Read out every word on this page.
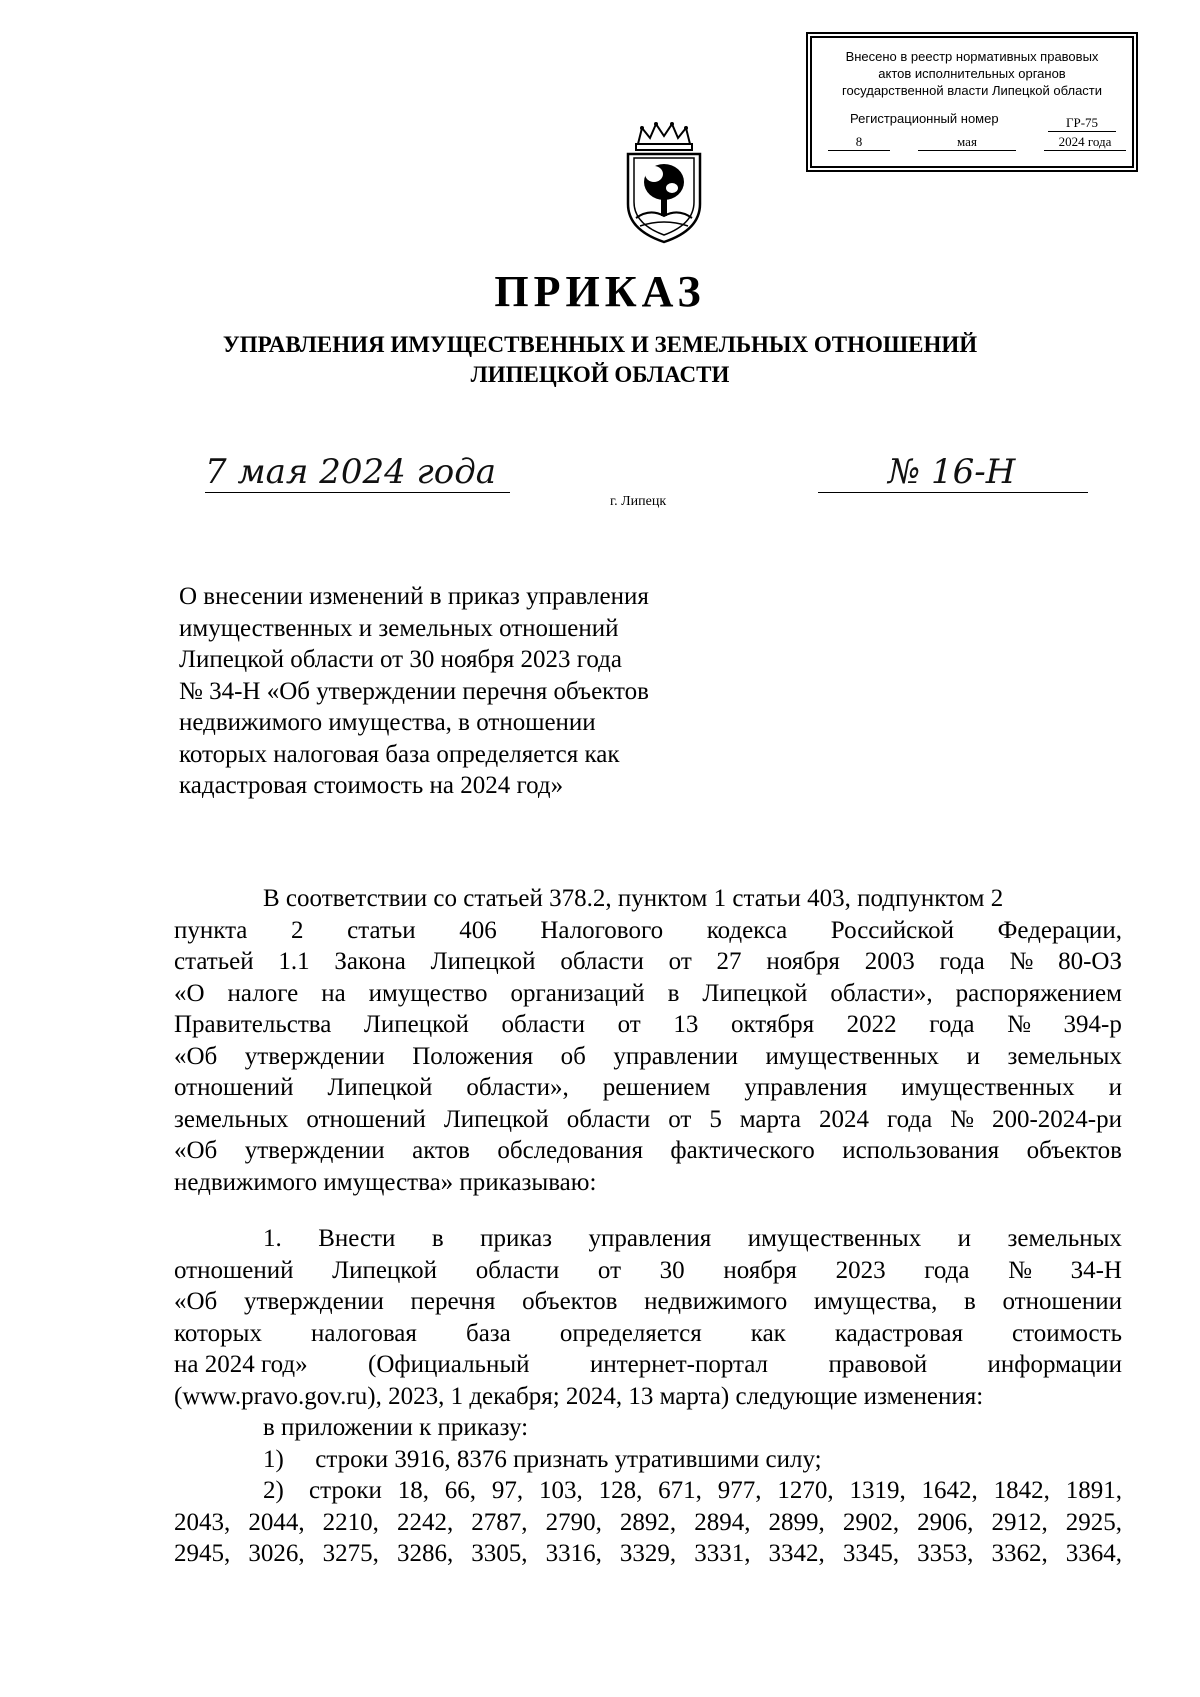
Внесено в реестр нормативных правовых
актов исполнительных органов
государственной власти Липецкой области
Регистрационный номер	ГР-75
8	мая	2024 года
ПРИКАЗ
УПРАВЛЕНИЯ ИМУЩЕСТВЕННЫХ И ЗЕМЕЛЬНЫХ ОТНОШЕНИЙ
ЛИПЕЦКОЙ ОБЛАСТИ
7 мая 2024 года	№ 16-Н
г. Липецк
О внесении изменений в приказ управления
имущественных и земельных отношений
Липецкой области от 30 ноября 2023 года
№ 34-Н «Об утверждении перечня объектов
недвижимого имущества, в отношении
которых налоговая база определяется как
кадастровая стоимость на 2024 год»
В соответствии со статьей 378.2, пунктом 1 статьи 403, подпунктом 2
пункта 2 статьи 406 Налогового кодекса Российской Федерации,
статьей 1.1 Закона Липецкой области от 27 ноября 2003 года № 80-ОЗ
«О налоге на имущество организаций в Липецкой области», распоряжением
Правительства Липецкой области от 13 октября 2022 года № 394-р
«Об утверждении Положения об управлении имущественных и земельных
отношений Липецкой области», решением управления имущественных и
земельных отношений Липецкой области от 5 марта 2024 года № 200-2024-ри
«Об утверждении актов обследования фактического использования объектов
недвижимого имущества» приказываю:
1. Внести в приказ управления имущественных и земельных
отношений Липецкой области от 30 ноября 2023 года № 34-Н
«Об утверждении перечня объектов недвижимого имущества, в отношении
которых налоговая база определяется как кадастровая стоимость
на 2024 год» (Официальный интернет-портал правовой информации
(www.pravo.gov.ru), 2023, 1 декабря; 2024, 13 марта) следующие изменения:
в приложении к приказу:
1) строки 3916, 8376 признать утратившими силу;
2)	строки 18, 66, 97, 103, 128, 671, 977, 1270, 1319, 1642, 1842, 1891,
2043, 2044, 2210, 2242, 2787, 2790, 2892, 2894, 2899, 2902, 2906, 2912, 2925,
2945, 3026, 3275, 3286, 3305, 3316, 3329, 3331, 3342, 3345, 3353, 3362, 3364,
